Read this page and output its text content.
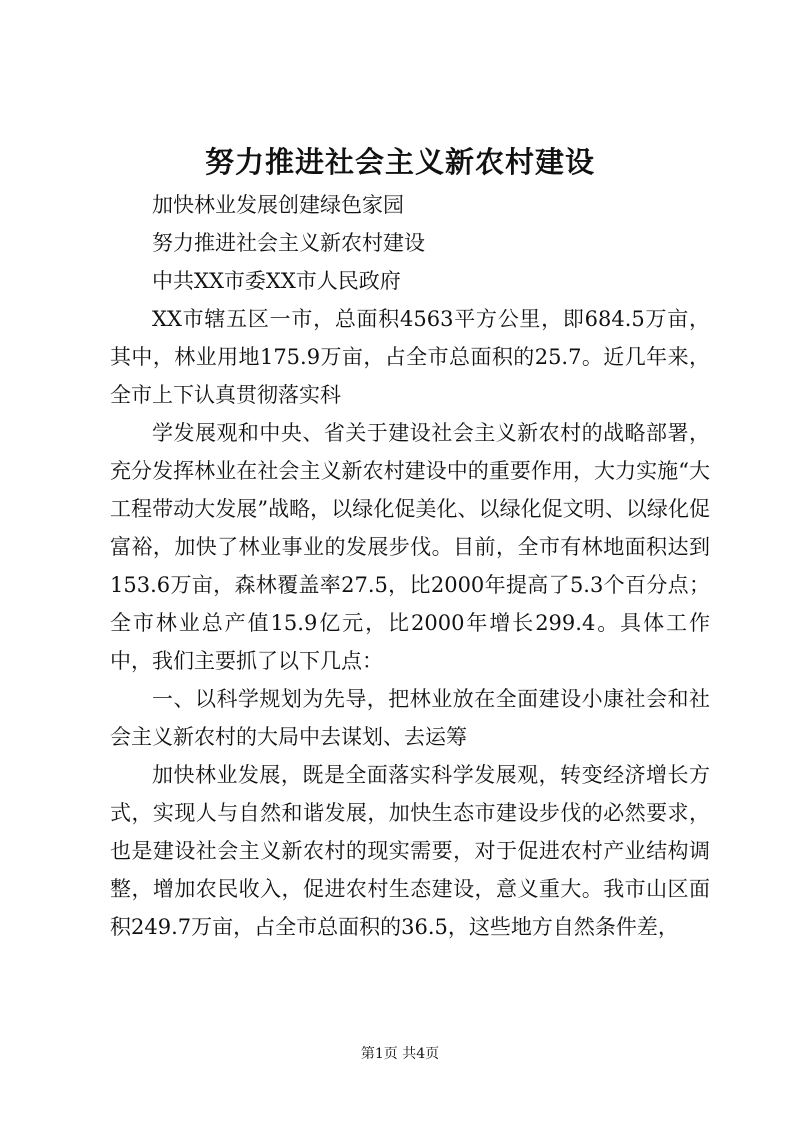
努力推进社会主义新农村建设

加快林业发展创建绿色家园

努力推进社会主义新农村建设

中共XX市委XX市人民政府

XX市辖五区一市，总面积4563平方公里，即684.5万亩，其中，林业用地175.9万亩，占全市总面积的25.7。近几年来，全市上下认真贯彻落实科

学发展观和中央、省关于建设社会主义新农村的战略部署，充分发挥林业在社会主义新农村建设中的重要作用，大力实施“大工程带动大发展”战略，以绿化促美化、以绿化促文明、以绿化促富裕，加快了林业事业的发展步伐。目前，全市有林地面积达到153.6万亩，森林覆盖率27.5，比2000年提高了5.3个百分点；全市林业总产值15.9亿元，比2000年增长299.4。具体工作中，我们主要抓了以下几点：

一、以科学规划为先导，把林业放在全面建设小康社会和社会主义新农村的大局中去谋划、去运筹

加快林业发展，既是全面落实科学发展观，转变经济增长方式，实现人与自然和谐发展，加快生态市建设步伐的必然要求，也是建设社会主义新农村的现实需要，对于促进农村产业结构调整，增加农民收入，促进农村生态建设，意义重大。我市山区面积249.7万亩，占全市总面积的36.5，这些地方自然条件差，

第1页 共4页
